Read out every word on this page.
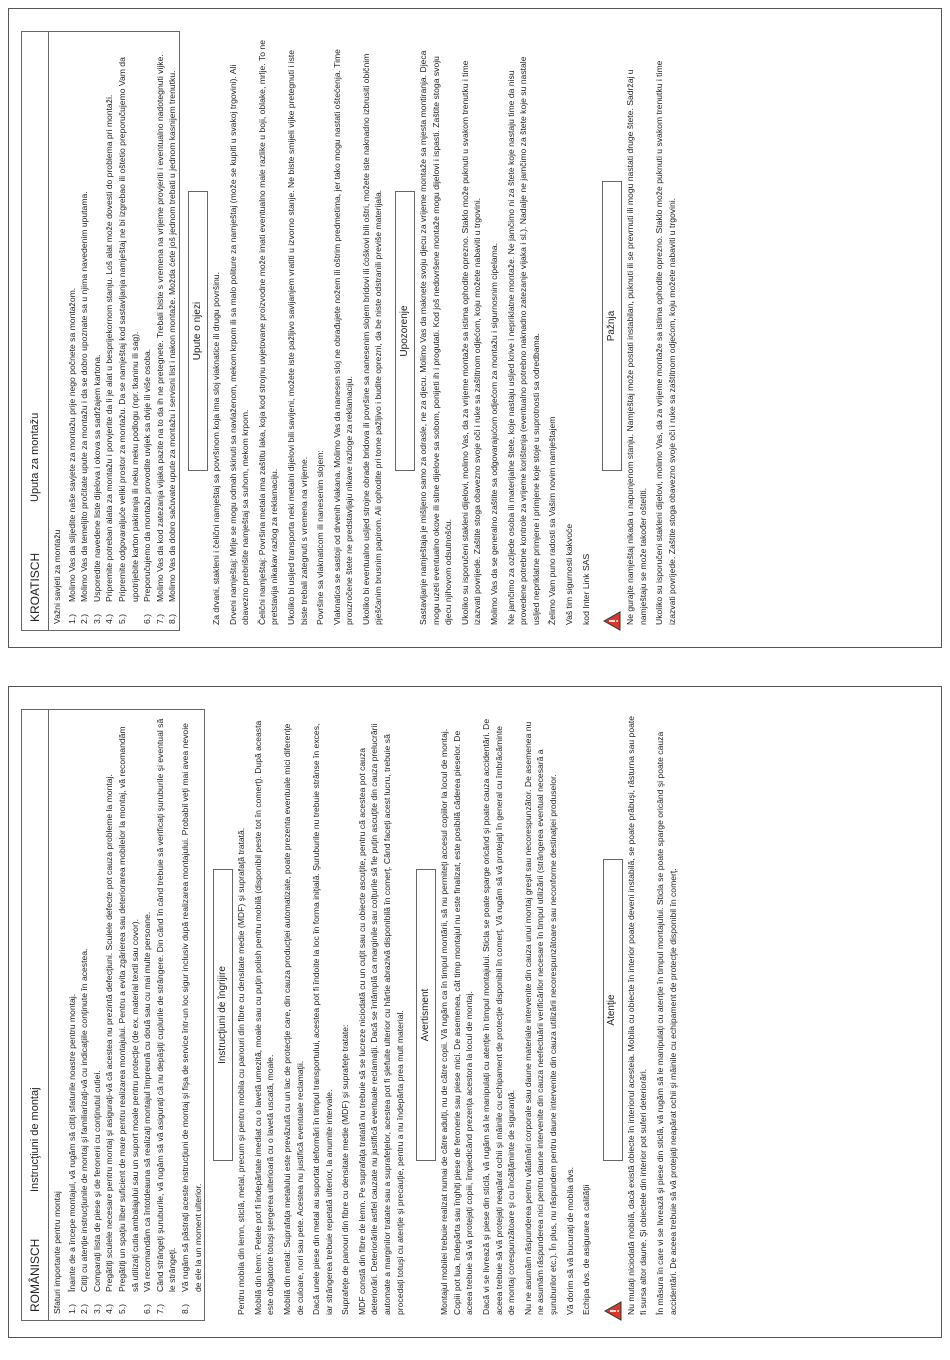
KROATISCH
Uputa za montažu

Važni savjeti za montažu 1.)
Molimo Vas da slijedite naše savjete za montažu prije nego počnete sa montažom.
2.)
Molimo Vas da temeljito pročitate upute za montažu i da se dobro upoznate sa u njima navedenim uputama.
3.)
Usporedite navedene liste dijelova i okova sa sadržajem kartona.
4.)
Pripremite potreban alata za montažu i porvjerite da li je alat u besprijekornom stanju. Loš alat može dovesti do problema pri montaži.
5.)
Pripremite odgovaraljuće veliki prostor za montažu. Da se namještaj kod sastavljanja namještaj ne bi izgrebao ili oštetio preporučujemo Vam da upotrijebite karton pakiranja ili neku meku podlogu (npr. tkaninu ili sag).
6.)
Preporučujemo da montažu provodite uvijek sa dvije ili više osoba.
7.)
Molimo Vas da kod zatezanja vijaka pazite na to da ih ne pretegnete. Trebali biste s vremena na vrijeme provjeriti i eventualno nadotegnuti vijke.
8.)
Molimo Vas da dobro sačuvate upute za montažu i servisni list i nakon montaže. Možda ćete još jednom trebati u jednom kasnijem trenutku.	Upute o njezi Za drvani, stakleni i čelični namještaj sa površinom koja ima sloj viaknatice ili drugu površinu. Drveni namještaj: Mrlje se mogu odmah skinuti sa navlaženom, mekom krpom ili sa malo politure za namještaj (može se kupiti u svakoj trgovini). Ali obavezno prebrišite namještaj sa suhom, mekom krpom. Čelični namještaj: Površina metala ima zaštitu laka, koja kod strojnu uvjetovane proizvodne može imati eventualno male razlike u boji, oblake, mrlje. To ne pretstavija nikakav razlog za reklamaciju. Ukoliko bi usljed transporta neki metalni dijelovi bili savijeni, možete iste pažljivo savijanjem vratiti u izvorno stanje. Ne biste smijeli vijke pretegnuti i iste biste trebali zategnuti s vremena na vrijeme. Površine sa vlaknaticom ili nanesenim slojem: Vlaknatica se sastoji od drvenih vlakana. Molimo Vas da nanesen sloj ne obrađujete nožem ili oštrim predmetima, jer tako mogu nastati oštećenja. Time prouzročene štete ne predstavljaju nikave razloge za reklamaciju. Ukoliko bi eventualno usljed strojne obrade bridova ili površine sa nanesenim slojem bridovi ili ćoškovi bili oštri, možete iste naknadno izbrusiti običnim pješčanim brusnim papirom. Ali ophodite pri tome pažljivo i budite oprezni, da be niste odstranili previše materijala.	Upozorenje Sastavljanje namještaja je mišljeno samo za odrasle, ne za djecu. Molimo Vas da maknete svoju djecu za vrijeme montaže sa mjesta montiranja. Djeca mogu uzeti eventualno okove ili sitne dijelove sa sobom, ponijeti ih i progutati. Kod još nedovršene montaže mogu dijelovi i ispasti. Zaštite stoga svoju djecu njihovom odsutnošću. Ukoliko su isporučeni stakleni dijelovi, molimo Vas, da za vrijeme montaže sa istima ophodite oprezno. Staklo može puknuti u svakom trenutku i time izazvati povrijede. Zaštite stoga obavezno svoje oči i ruke sa zaštitnom odjećom, koju možete nabaviti u trgovini. Molimo Vas da se generalno zaštite sa odgovarajućom odjećom za montažu i sigurnosnim cipelama. Ne jamčimo za ozljede osoba ili materijalne štete, koje nastaju usljed krive i nepriklatne montaže. Ne jamčimo ni za štete koje nastaju time da nisu provedene potrebne kontrole za vrijeme korištenja (eventualno potrebno naknadno zatezanje vijaka i sl.). Nadalje ne jamčimo za štete koje su nastale usljed nepriklatne primjene i primjene koje stoje u suprotnosti sa odredbama. Želimo Vam puno radosti sa Vašim novim namještajem Vaš tim sigurnosti kakvoće kod Inter Link SAS

Pažnja Ne gurajte namještaj nikada u napunjenom stanju. Namještaj može postati instabilan, puknuti ili se prevrnuti ili mogu nastati druge štete. Sadržaj u namještaju se može također oštetiti. Ukoliko su isporučeni stakleni dijelovi, molimo Vas, da za vrijeme montaže sa istima ophodite oprezno. Staklo može puknuti u svakom trenutku i time izazvati povrijede. Zaštite stoga obavezno svoje oči i ruke sa zaštitnom odjećom, koju možete nabaviti u trgovini.

ROMÂNISCH
Instrucţiuni de montaj

Sfaturi importante pentru montaj 1.)
Înainte de a începe montajul, vă rugăm să citiţi sfaturile noastre pentru montaj.
2.)
Citiţi cu atenţie instrucţiunile de montaj şi familiarizaţi-vă cu indicaţiile conţinute în acestea.
3.)
Comparaţi lista de piese şi de feronerii cu conţinutul cutiei.
4.)
Pregătiţi sculele necesare pentru montaj şi asiguraţi-vă că acestea nu prezintă defecţiuni. Sculele defecte pot cauza probleme la montaj.
5.)
Pregătiţi un spaţiu liber suficient de mare pentru realizarea montajului. Pentru a evita zgârierea sau deteriorarea mobilelor la montaj, vă recomandăm să utilizaţi cutia ambalajului sau un suport moale pentru protecţie (de ex. material textil sau covor).
6.)
Vă recomandăm ca întotdeauna să realizaţi montajul împreună cu două sau cu mai multe persoane.
7.)
Când strângeţi şuruburile, vă rugăm să vă asiguraţi că nu depăşiţi cuplurile de strângere. Din când în când trebuie să verificaţi şuruburile şi eventual să le strângeţi.
8.)
Vă rugăm să păstraţi aceste instrucţiuni de montaj şi fişa de service într-un loc sigur inclusiv după realizarea montajului. Probabil veţi mai avea nevoie de ele la un moment ulterior.
Instrucţiuni de îngrijire Pentru mobila din lemn, sticlă, metal, precum şi pentru mobila cu panouri din fibre cu densitate medie (MDF) şi suprafaţă tratată. Mobilă din lemn: Petele pot fi îndepărtate imediat cu o lavetă umezită, moale sau cu puţin polish pentru mobilă (disponibil peste tot în comerţ). După aceasta este obligatorie totuşi ştergerea ulterioară cu o lavetă uscată, moale. Mobilă din metal: Suprafaţa metalului este prevăzută cu un lac de protecţie care, din cauza producţiei automatizate, poate prezenta eventuale mici diferenţe de culoare, nori sau pete. Acestea nu justifică eventuale reclamaţii. Dacă unele piese din metal au suportat deformări în timpul transportului, acestea pot fi îndoite la loc în forma iniţială. Şuruburile nu trebuie strânse în exces, iar strângerea trebuie repetată ulterior, la anumite intervale. Suprafeţe de panouri din fibre cu densitate medie (MDF) şi suprafeţe tratate: MDF constă din fibre de lemn. Pe suprafaţa tratată nu trebuie să se lucreze niciodată cu un cuţit sau cu obiecte ascuţite, pentru că acestea pot cauza deteriorări. Deteriorările astfel cauzate nu justifică eventuale reclamaţii. Dacă se întâmplă ca marginile sau colţurile să fie puţin ascuţite din cauza prelucrării automate a marginilor tratate sau a suprafeţelor, acestea pot fi şlefuite ulterior cu hârtie abrazivă disponibilă în comerţ. Când faceţi acest lucru, trebuie să procedaţi totuşi cu atenţie şi precauţie, pentru a nu îndepărta prea mult material.	Avertisment Montajul mobilei trebuie realizat numai de către adulţi, nu de către copii. Vă rugăm ca în timpul montării, să nu permiteţi accesul copiilor la locul de montaj. Copiii pot lua, îndepărta sau înghiţi piese de feronerie sau piese mici. De asemenea, cât timp montajul nu este finalizat, este posibilă căderea pieselor. De aceea trebuie să vă protejaţi copiii, împiedicând prezenţa acestora la locul de montaj. Dacă vi se livrează şi piese din sticlă, vă rugăm să le manipulaţi cu atenţie în timpul montajului. Sticla se poate sparge oricând şi poate cauza accidentări. De aceea trebuie să vă protejaţi neapărat ochii şi mâinile cu echipament de protecţie disponibil în comerţ. Vă rugăm să vă protejaţi în general cu îmbrăcăminte de montaj corespunzătoare şi cu încălţăminte de siguranţă. Nu ne asumăm răspunderea pentru vătămări corporale sau daune materiale intervenite din cauza unui montaj greşit sau necorespunzător. De asemenea nu ne asumăm răspunderea nici pentru daune intervenite din cauza neefectuării verificărilor necesare în timpul utilizării (strângerea eventual necesară a şuruburilor etc.). În plus, nu răspundem pentru daune intervenite din cauza utilizării necorespunzătoare sau neconforme destinaţiei produselor. Vă dorim să vă bucuraţi de mobila dvs. Echipa dvs. de asigurare a calităţii

Atenţie Nu mutaţi niciodată mobilă, dacă există obiecte în interiorul acesteia. Mobila cu obiecte în interior poate deveni instabilă, se poate prăbuşi, răsturna sau poate fi sursa altor daune. Şi obiectele din interior pot suferi deteriorări. În măsura în care vi se livrează şi piese din sticlă, vă rugăm să le manipulaţi cu atenţie în timpul montajului. Sticla se poate sparge oricând şi poate cauza accidentări. De aceea trebuie să vă protejaţi neapărat ochii şi mâinile cu echipament de protecţie disponibil în comerţ.
